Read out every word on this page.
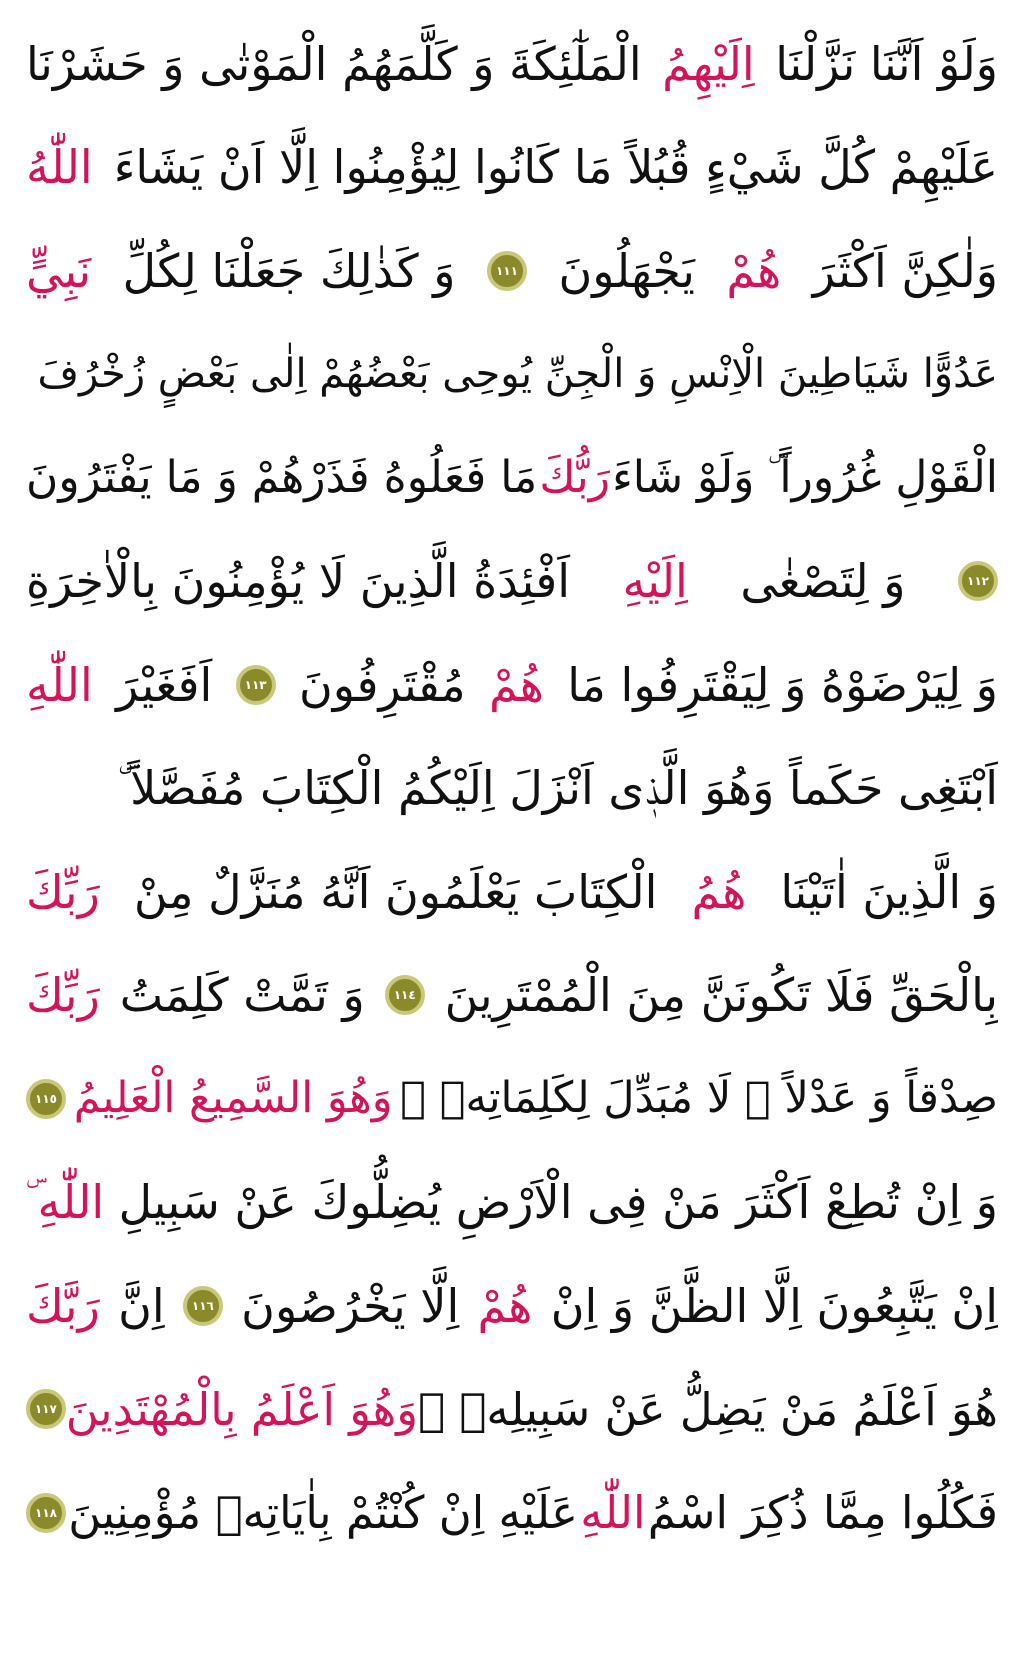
وَلَوْ اَنَّنَا نَزَّلْنَا
اِلَيْهِمُ
الْمَلٰٓئِكَةَ وَ كَلَّمَهُمُ الْمَوْتٰى وَ حَشَرْنَا
عَلَيْهِمْ كُلَّ شَيْءٍ قُبُلاً مَا كَانُوا لِيُؤْمِنُوا اِلَّا اَنْ يَشَاءَ
اللّٰهُ
وَلٰكِنَّ اَكْثَرَ
هُمْ
يَجْهَلُونَ
١١١
وَ كَذٰلِكَ جَعَلْنَا لِكُلِّ
نَبِيٍّ
عَدُوًّا شَيَاطِينَ الْاِنْسِ وَ الْجِنِّ يُوحِى بَعْضُهُمْ اِلٰى بَعْضٍ زُخْرُفَ
الْقَوْلِ غُرُوراً ۜ وَلَوْ شَاءَ
رَبُّكَ
مَا فَعَلُوهُ فَذَرْهُمْ وَ مَا يَفْتَرُونَ
١١٢
وَ لِتَصْغٰى
اِلَيْهِ
اَفْئِدَةُ الَّذِينَ لَا يُؤْمِنُونَ بِالْاٰخِرَةِ
وَ لِيَرْضَوْهُ وَ لِيَقْتَرِفُوا مَا
هُمْ
مُقْتَرِفُونَ
١١٣
اَفَغَيْرَ
اللّٰهِ
اَبْتَغِى حَكَماً وَهُوَ الَّذٖى اَنْزَلَ اِلَيْكُمُ الْكِتَابَ مُفَصَّلاً ۜ
وَ الَّذِينَ اٰتَيْنَا
هُمُ
الْكِتَابَ يَعْلَمُونَ اَنَّهُ مُنَزَّلٌ مِنْ
رَبِّكَ
بِالْحَقِّ فَلَا تَكُونَنَّ مِنَ الْمُمْتَرِينَ
١١٤
وَ تَمَّتْ كَلِمَتُ
رَبِّكَ
صِدْقاً وَ عَدْلاً ۜ لَا مُبَدِّلَ لِكَلِمَاتِهٖ ۚ
وَهُوَ السَّمِيعُ الْعَلِيمُ
١١٥
وَ اِنْ تُطِعْ اَكْثَرَ مَنْ فِى الْاَرْضِ يُضِلُّوكَ عَنْ سَبِيلِ
اللّٰهِ ۜ
اِنْ يَتَّبِعُونَ اِلَّا الظَّنَّ وَ اِنْ
هُمْ
اِلَّا يَخْرُصُونَ
١١٦
اِنَّ
رَبَّكَ
هُوَ اَعْلَمُ مَنْ يَضِلُّ عَنْ سَبِيلِهٖ ۚ
وَهُوَ اَعْلَمُ بِالْمُهْتَدِينَ
١١٧
فَكُلُوا مِمَّا ذُكِرَ اسْمُ
اللّٰهِ
عَلَيْهِ اِنْ كُنْتُمْ بِاٰيَاتِهٖ مُؤْمِنِينَ
١١٨
